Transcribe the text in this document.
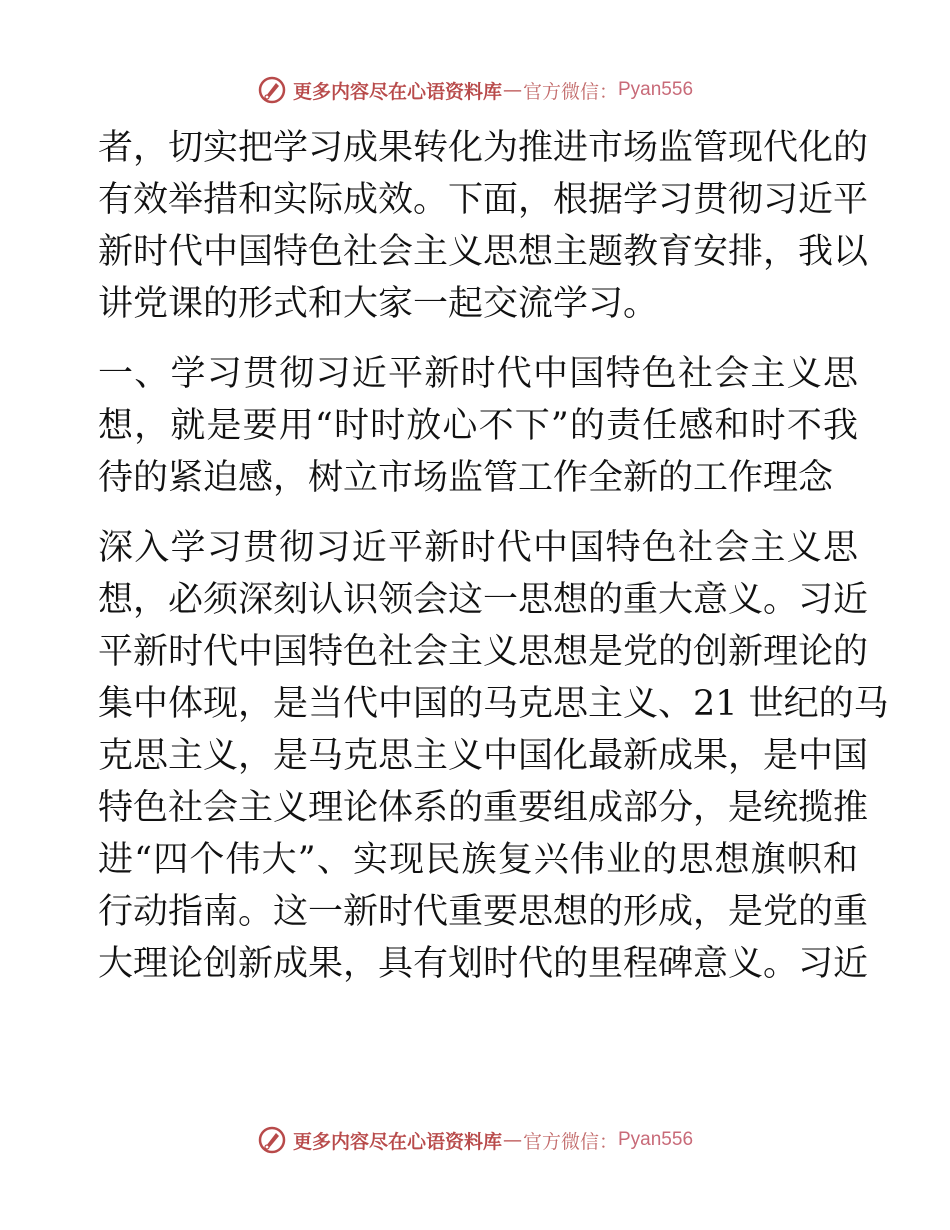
更多内容尽在心语资料库 — 官方微信： Pyan556
者，切实把学习成果转化为推进市场监管现代化的
有效举措和实际成效。下面，根据学习贯彻习近平
新时代中国特色社会主义思想主题教育安排，我以
讲党课的形式和大家一起交流学习。
一、学习贯彻习近平新时代中国特色社会主义思
想，就是要用“时时放心不下”的责任感和时不我
待的紧迫感，树立市场监管工作全新的工作理念
深入学习贯彻习近平新时代中国特色社会主义思
想，必须深刻认识领会这一思想的重大意义。习近
平新时代中国特色社会主义思想是党的创新理论的
集中体现，是当代中国的马克思主义、21 世纪的马
克思主义，是马克思主义中国化最新成果，是中国
特色社会主义理论体系的重要组成部分，是统揽推
进“四个伟大”、实现民族复兴伟业的思想旗帜和
行动指南。这一新时代重要思想的形成，是党的重
大理论创新成果，具有划时代的里程碑意义。习近
更多内容尽在心语资料库 — 官方微信： Pyan556
